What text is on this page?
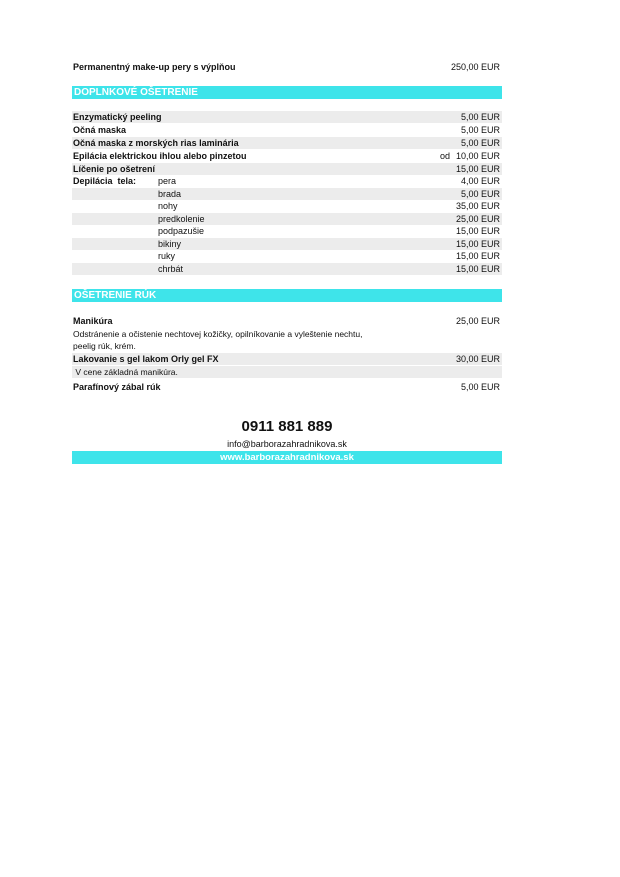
Permanentný make-up pery s výplňou	250,00 EUR
DOPLNKOVÉ OŠETRENIE
Enzymatický peeling	5,00 EUR
Očná maska	5,00 EUR
Očná maska z morských rias laminária	5,00 EUR
Epilácia elektrickou ihlou alebo pinzetou	od 10,00 EUR
Líčenie po ošetrení	15,00 EUR
Depilácia  tela: pera	4,00 EUR
brada	5,00 EUR
nohy	35,00 EUR
predkolenie	25,00 EUR
podpazušie	15,00 EUR
bikiny	15,00 EUR
ruky	15,00 EUR
chrbát	15,00 EUR
OŠETRENIE RÚK
Manikúra	25,00 EUR
Odstránenie a očistenie nechtovej kožičky, opilníkovanie a vyleštenie nechtu,
peelig rúk, krém.
Lakovanie s gel lakom Orly gel FX	30,00 EUR
V cene základná manikúra.
Parafínový zábal rúk	5,00 EUR
0911 881 889
info@barborazahradnikova.sk
www.barborazahradnikova.sk
